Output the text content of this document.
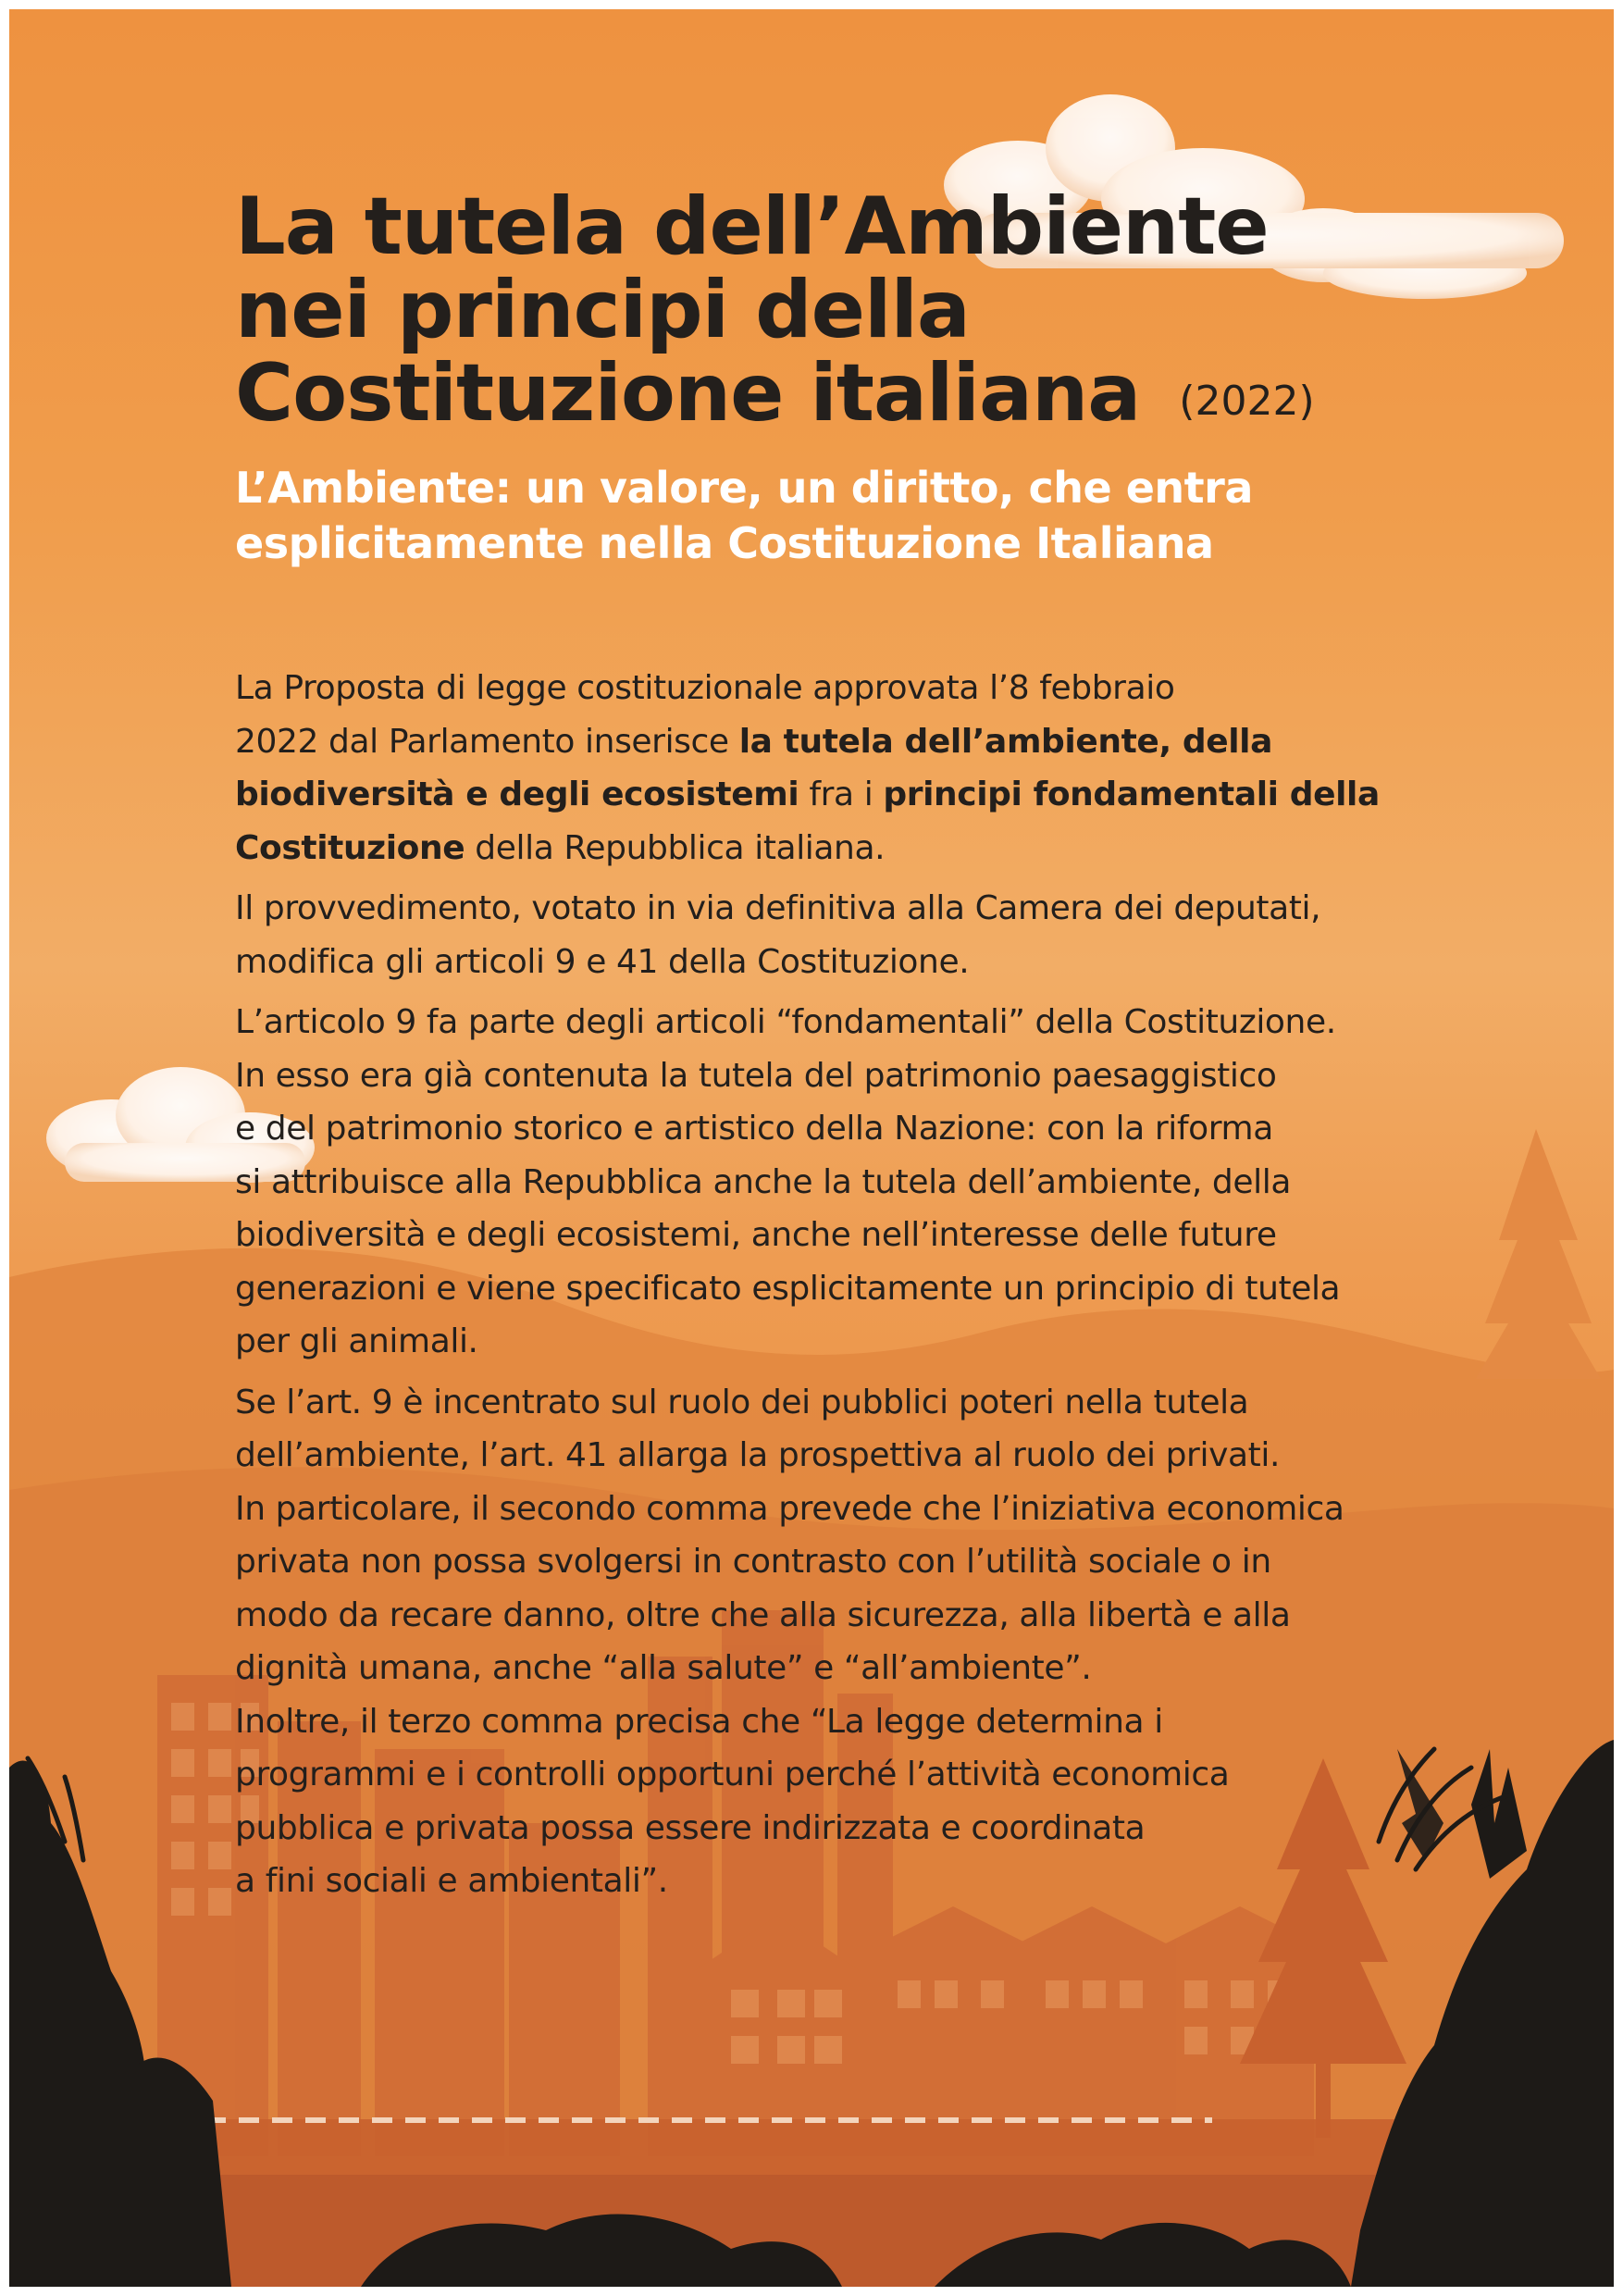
La tutela dell’Ambiente
nei principi della
Costituzione italiana (2022)
L’Ambiente: un valore, un diritto, che entra
esplicitamente nella Costituzione Italiana

La Proposta di legge costituzionale approvata l’8 febbraio
2022 dal Parlamento inserisce la tutela dell’ambiente, della
biodiversità e degli ecosistemi fra i principi fondamentali della
Costituzione della Repubblica italiana.

Il provvedimento, votato in via definitiva alla Camera dei deputati,
modifica gli articoli 9 e 41 della Costituzione.

L’articolo 9 fa parte degli articoli “fondamentali” della Costituzione.
In esso era già contenuta la tutela del patrimonio paesaggistico
e del patrimonio storico e artistico della Nazione: con la riforma
si attribuisce alla Repubblica anche la tutela dell’ambiente, della
biodiversità e degli ecosistemi, anche nell’interesse delle future
generazioni e viene specificato esplicitamente un principio di tutela
per gli animali.

Se l’art. 9 è incentrato sul ruolo dei pubblici poteri nella tutela
dell’ambiente, l’art. 41 allarga la prospettiva al ruolo dei privati.
In particolare, il secondo comma prevede che l’iniziativa economica
privata non possa svolgersi in contrasto con l’utilità sociale o in
modo da recare danno, oltre che alla sicurezza, alla libertà e alla
dignità umana, anche “alla salute” e “all’ambiente”.
Inoltre, il terzo comma precisa che “La legge determina i
programmi e i controlli opportuni perché l’attività economica
pubblica e privata possa essere indirizzata e coordinata
a fini sociali e ambientali”.
